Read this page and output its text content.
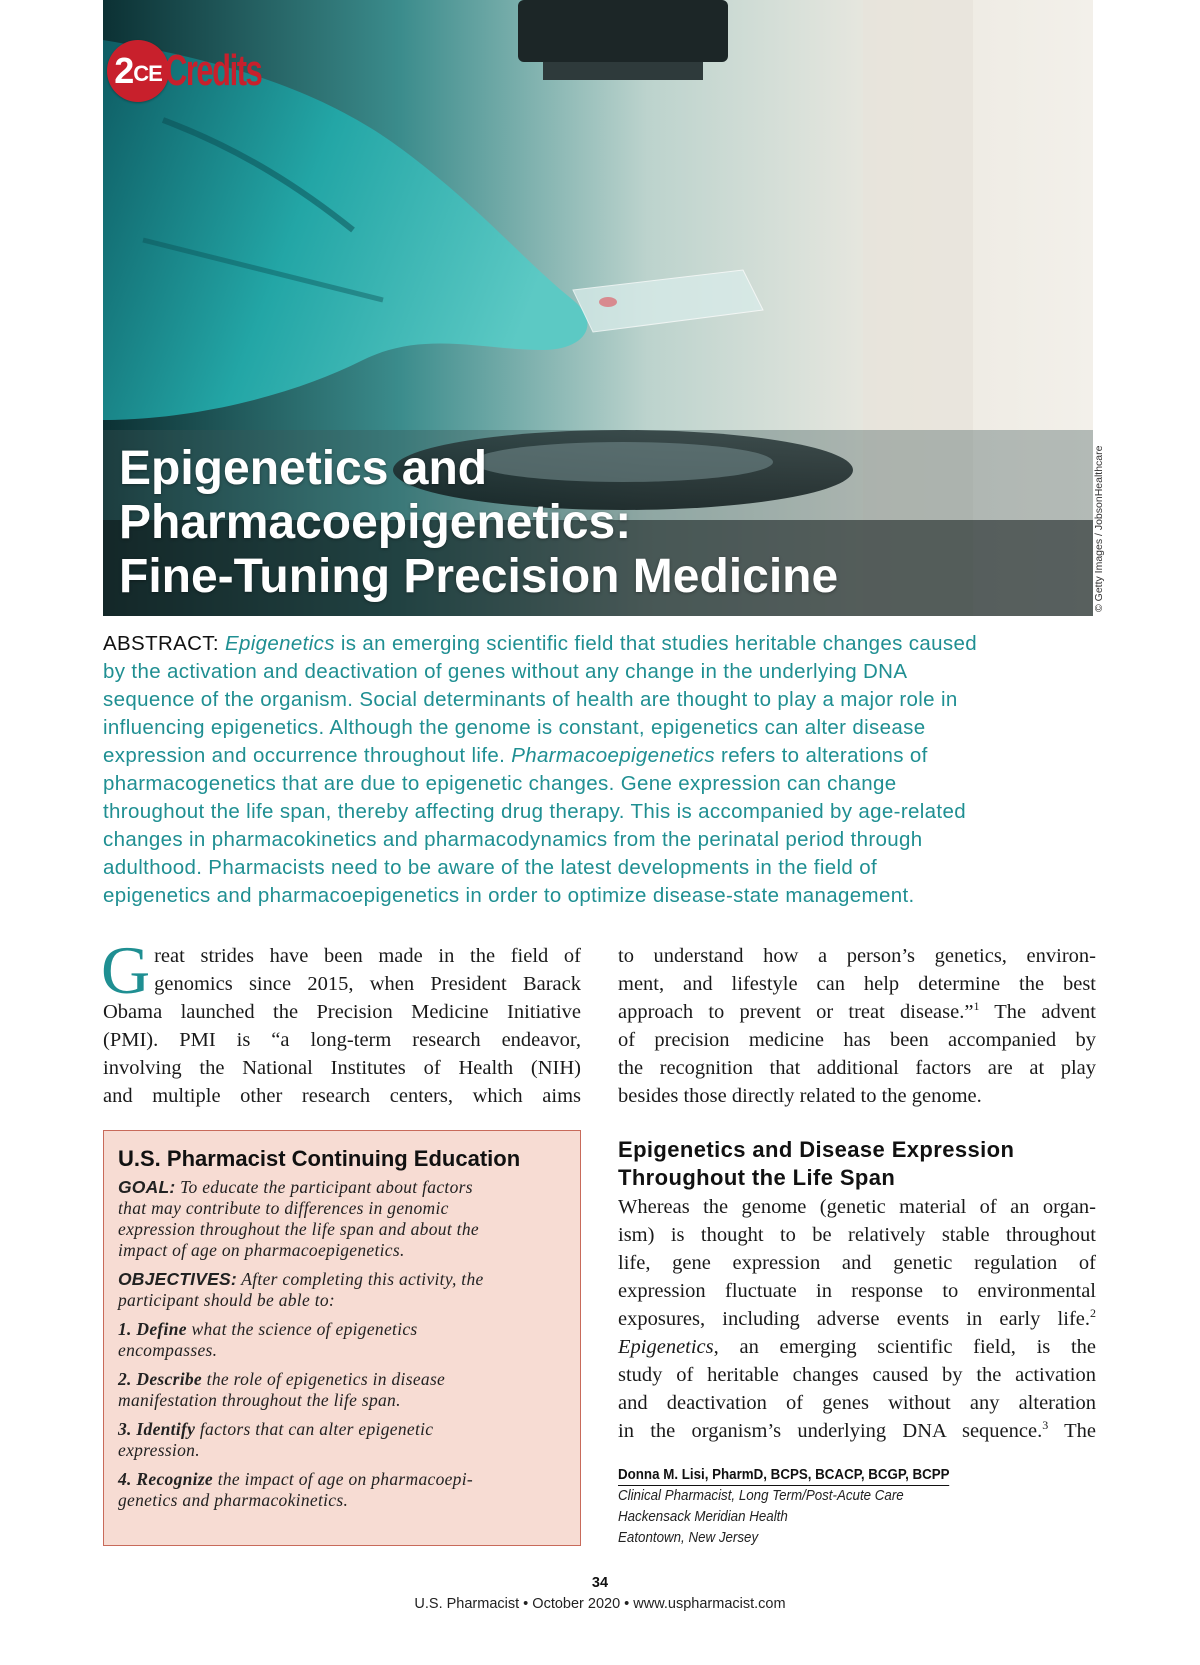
2 CE Credits
Epigenetics and
Pharmacoepigenetics:
Fine-Tuning Precision Medicine	© Getty Images / JobsonHealthcare
ABSTRACT: Epigenetics is an emerging scientific field that studies heritable changes caused
by the activation and deactivation of genes without any change in the underlying DNA
sequence of the organism. Social determinants of health are thought to play a major role in
influencing epigenetics. Although the genome is constant, epigenetics can alter disease
expression and occurrence throughout life. Pharmacoepigenetics refers to alterations of
pharmacogenetics that are due to epigenetic changes. Gene expression can change
throughout the life span, thereby affecting drug therapy. This is accompanied by age-related
changes in pharmacokinetics and pharmacodynamics from the perinatal period through
adulthood. Pharmacists need to be aware of the latest developments in the field of
epigenetics and pharmacoepigenetics in order to optimize disease-state management.
G reat strides have been made in the field of
genomics since 2015, when President Barack
Obama launched the Precision Medicine Initiative
(PMI). PMI is “a long-term research endeavor,
involving the National Institutes of Health (NIH)
and multiple other research centers, which aims
to understand how a person’s genetics, environ-
ment, and lifestyle can help determine the best
approach to prevent or treat disease.”$^1$ The advent
of precision medicine has been accompanied by
the recognition that additional factors are at play
besides those directly related to the genome.
Epigenetics and Disease Expression
Throughout the Life Span
Whereas the genome (genetic material of an organ-
ism) is thought to be relatively stable throughout
life, gene expression and genetic regulation of
expression fluctuate in response to environmental
exposures, including adverse events in early life.$^2$
Epigenetics, an emerging scientific field, is the
study of heritable changes caused by the activation
and deactivation of genes without any alteration
in the organism’s underlying DNA sequence.$^3$ The
U.S. Pharmacist Continuing Education

GOAL: To educate the participant about factors
that may contribute to differences in genomic
expression throughout the life span and about the
impact of age on pharmacoepigenetics.

OBJECTIVES: After completing this activity, the
participant should be able to:

1. Define what the science of epigenetics
encompasses.

2. Describe the role of epigenetics in disease
manifestation throughout the life span.

3. Identify factors that can alter epigenetic
expression.

4. Recognize the impact of age on pharmacoepi-
genetics and pharmacokinetics.

Donna M. Lisi, PharmD, BCPS, BCACP, BCGP, BCPP
Clinical Pharmacist, Long Term/Post-Acute Care
Hackensack Meridian Health
Eatontown, New Jersey
34
U.S. Pharmacist • October 2020 • www.uspharmacist.com
